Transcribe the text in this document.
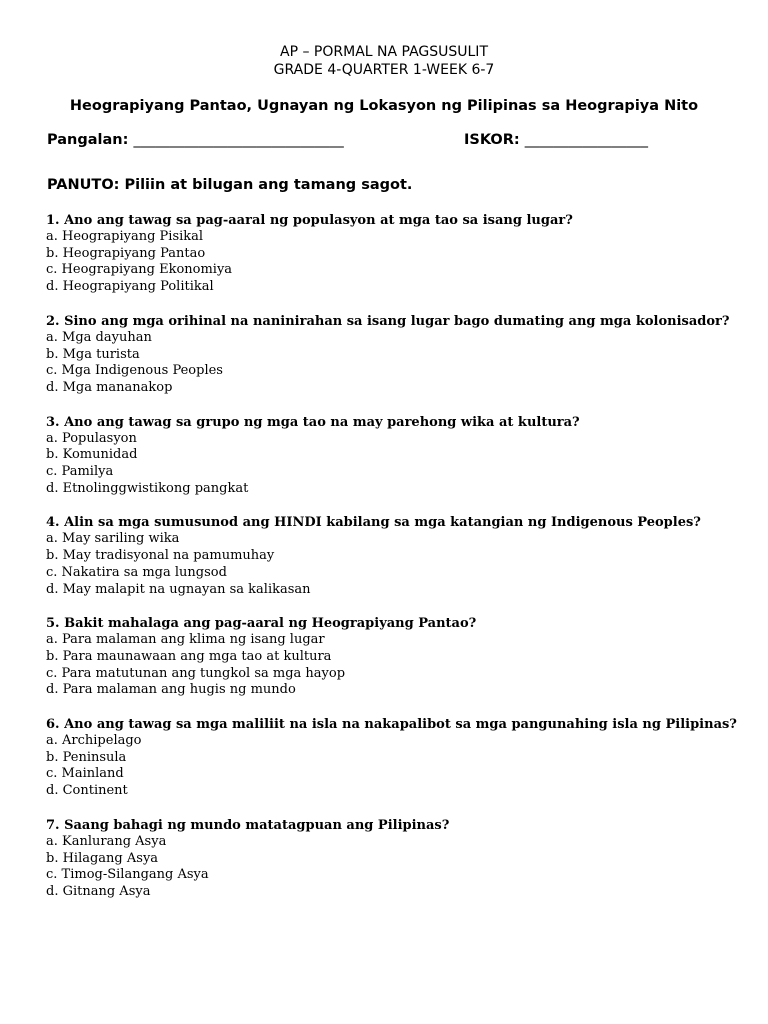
AP – PORMAL NA PAGSUSULIT
GRADE 4-QUARTER 1-WEEK 6-7
Heograpiyang Pantao, Ugnayan ng Lokasyon ng Pilipinas sa Heograpiya Nito
Pangalan: _____________________________	ISKOR: _________________
PANUTO: Piliin at bilugan ang tamang sagot.
1. Ano ang tawag sa pag-aaral ng populasyon at mga tao sa isang lugar?
a. Heograpiyang Pisikal
b. Heograpiyang Pantao
c. Heograpiyang Ekonomiya
d. Heograpiyang Politikal
2. Sino ang mga orihinal na naninirahan sa isang lugar bago dumating ang mga kolonisador?
a. Mga dayuhan
b. Mga turista
c. Mga Indigenous Peoples
d. Mga mananakop
3. Ano ang tawag sa grupo ng mga tao na may parehong wika at kultura?
a. Populasyon
b. Komunidad
c. Pamilya
d. Etnolinggwistikong pangkat
4. Alin sa mga sumusunod ang HINDI kabilang sa mga katangian ng Indigenous Peoples?
a. May sariling wika
b. May tradisyonal na pamumuhay
c. Nakatira sa mga lungsod
d. May malapit na ugnayan sa kalikasan
5. Bakit mahalaga ang pag-aaral ng Heograpiyang Pantao?
a. Para malaman ang klima ng isang lugar
b. Para maunawaan ang mga tao at kultura
c. Para matutunan ang tungkol sa mga hayop
d. Para malaman ang hugis ng mundo
6. Ano ang tawag sa mga maliliit na isla na nakapalibot sa mga pangunahing isla ng Pilipinas?
a. Archipelago
b. Peninsula
c. Mainland
d. Continent
7. Saang bahagi ng mundo matatagpuan ang Pilipinas?
a. Kanlurang Asya
b. Hilagang Asya
c. Timog-Silangang Asya
d. Gitnang Asya
